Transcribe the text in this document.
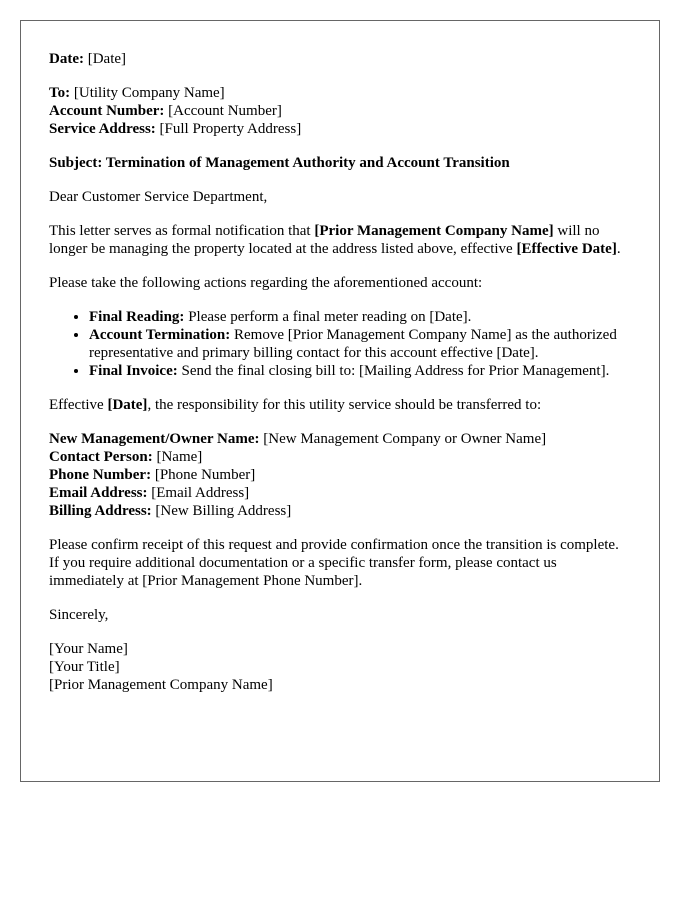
Date: [Date]

To: [Utility Company Name]
Account Number: [Account Number]
Service Address: [Full Property Address]

Subject: Termination of Management Authority and Account Transition

Dear Customer Service Department,

This letter serves as formal notification that [Prior Management Company Name] will no longer be managing the property located at the address listed above, effective [Effective Date].

Please take the following actions regarding the aforementioned account:

• Final Reading: Please perform a final meter reading on [Date].
• Account Termination: Remove [Prior Management Company Name] as the authorized representative and primary billing contact for this account effective [Date].
• Final Invoice: Send the final closing bill to: [Mailing Address for Prior Management].

Effective [Date], the responsibility for this utility service should be transferred to:

New Management/Owner Name: [New Management Company or Owner Name]
Contact Person: [Name]
Phone Number: [Phone Number]
Email Address: [Email Address]
Billing Address: [New Billing Address]

Please confirm receipt of this request and provide confirmation once the transition is complete. If you require additional documentation or a specific transfer form, please contact us immediately at [Prior Management Phone Number].

Sincerely,

[Your Name]
[Your Title]
[Prior Management Company Name]
